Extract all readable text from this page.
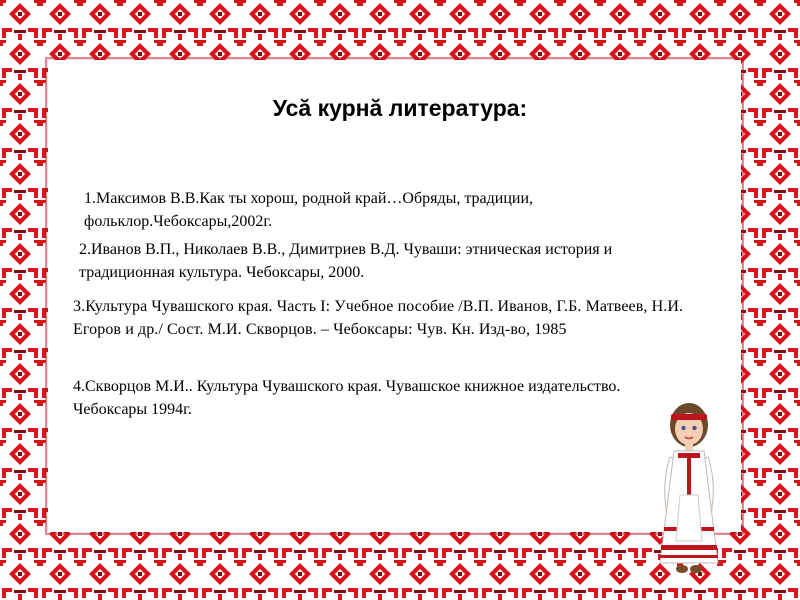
Усӑ курнӑ литература:

1.Максимов В.В.Как ты хорош, родной край…Обряды, традиции, фольклор.Чебоксары,2002г.

2.Иванов В.П., Николаев В.В., Димитриев В.Д. Чуваши: этническая история и традиционная культура. Чебоксары, 2000.

3.Культура Чувашского края. Часть I: Учебное пособие /В.П. Иванов, Г.Б. Матвеев, Н.И. Егоров и др./ Сост. М.И. Скворцов. – Чебоксары: Чув. Кн. Изд-во, 1985

4.Скворцов М.И.. Культура Чувашского края. Чувашское книжное издательство. Чебоксары 1994г.
